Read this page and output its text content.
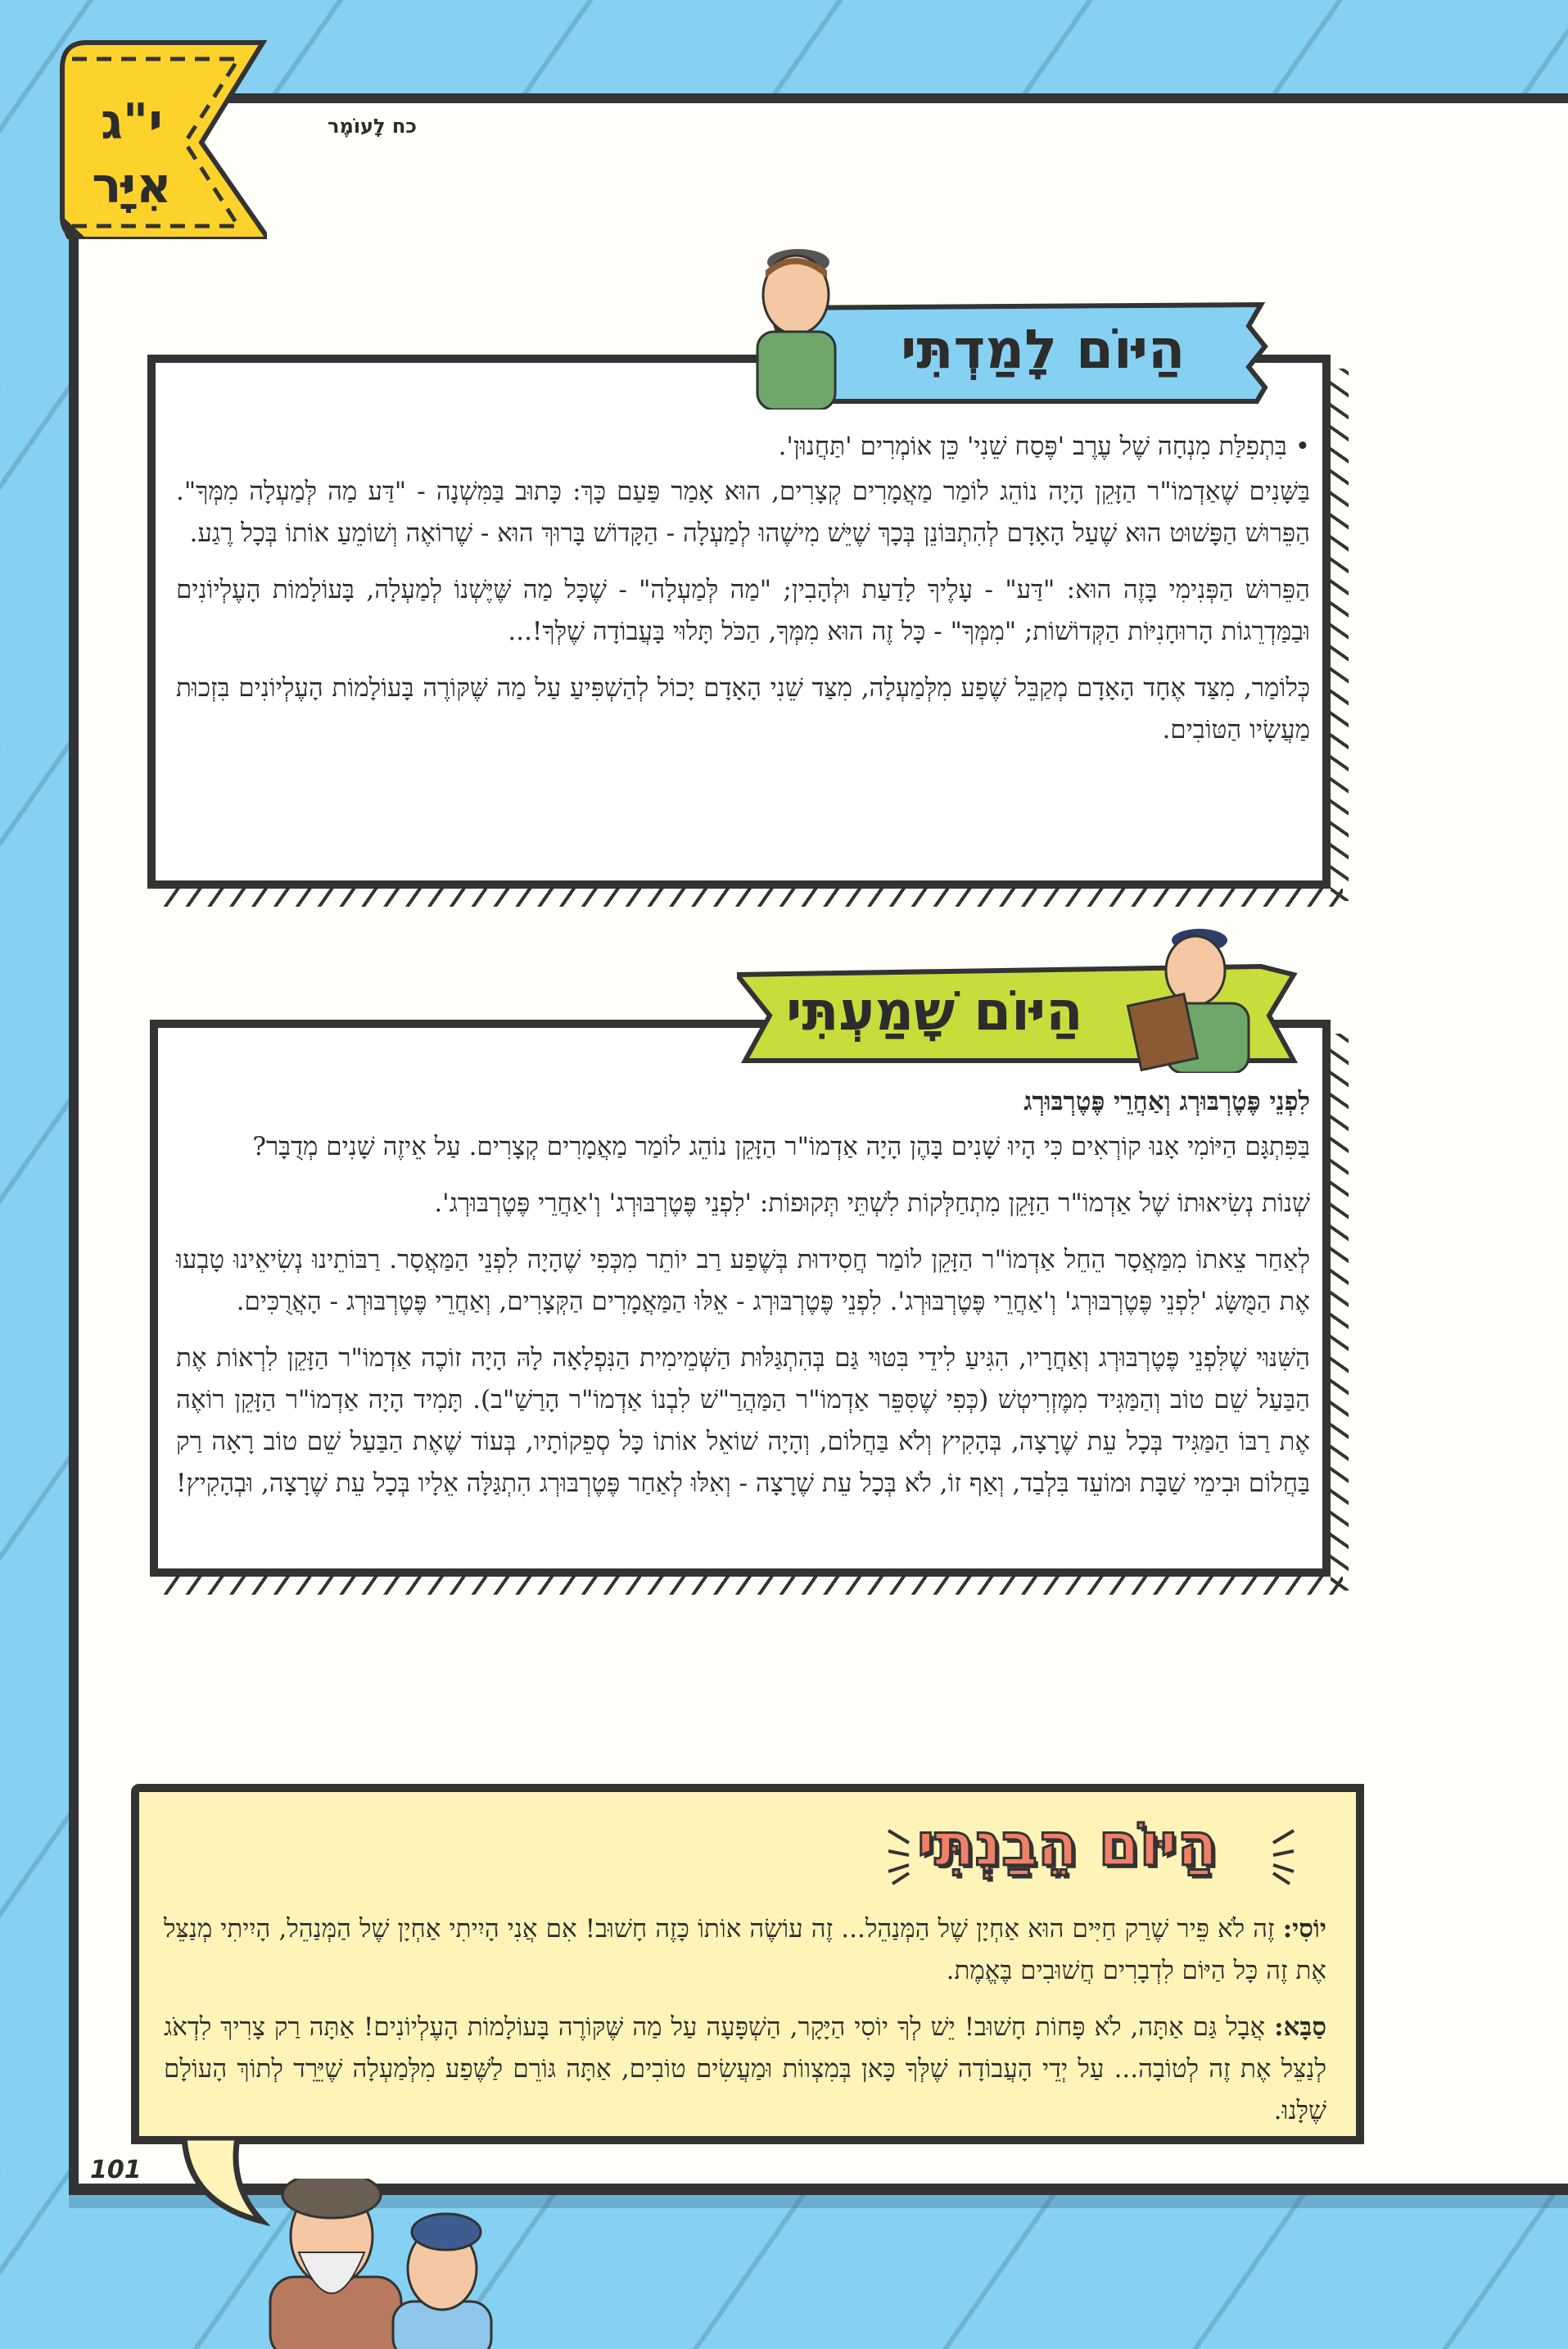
י"ג
אִיָּר
כח לָעוֹמֶר
הַיּוֹם לָמַדְתִּי

• בִּתְפִלַּת מִנְחָה שֶׁל עֶרֶב 'פֶּסַח שֵׁנִי' כֵּן אוֹמְרִים 'תַּחֲנוּן'.

בַּשָּׁנִים שֶׁאַדְמוֹ"ר הַזָּקֵן הָיָה נוֹהֵג לוֹמַר מַאֲמָרִים קְצָרִים, הוּא אָמַר פַּעַם כָּךְ: כָּתוּב בַּמִּשְׁנָה - "דַּע מַה לְּמַעְלָה מִמְּךָ". הַפֵּרוּשׁ הַפָּשׁוּט הוּא שֶׁעַל הָאָדָם לְהִתְבּוֹנֵן בְּכָךְ שֶׁיֵּשׁ מִישֶׁהוּ לְמַעְלָה - הַקָּדוֹשׁ בָּרוּךְ הוּא - שֶׁרוֹאֶה וְשׁוֹמֵעַ אוֹתוֹ בְּכָל רֶגַע.

הַפֵּרוּשׁ הַפְּנִימִי בָּזֶה הוּא: "דַּע" - עָלֶיךָ לָדַעַת וּלְהָבִין; "מַה לְּמַעְלָה" - שֶׁכָּל מַה שֶּׁיֶּשְׁנוֹ לְמַעְלָה, בָּעוֹלָמוֹת הָעֶלְיוֹנִים וּבַמַּדְרֵגוֹת הָרוּחָנִיּוֹת הַקְּדוֹשׁוֹת; "מִמְּךָ" - כָּל זֶה הוּא מִמְּךָ, הַכֹּל תָּלוּי בָּעֲבוֹדָה שֶׁלְּךָ!...

כְּלוֹמַר, מִצַּד אֶחָד הָאָדָם מְקַבֵּל שֶׁפַע מִלְּמַעְלָה, מִצַּד שֵׁנִי הָאָדָם יָכוֹל לְהַשְׁפִּיעַ עַל מַה שֶּׁקּוֹרֶה בָּעוֹלָמוֹת הָעֶלְיוֹנִים בִּזְכוּת מַעֲשָׂיו הַטּוֹבִים.

הַיּוֹם שָׁמַעְתִּי

לִפְנֵי פֶּטֶרְבּוּרְג וְאַחֲרֵי פֶּטֶרְבּוּרְג

בַּפִּתְגָּם הַיּוֹמִי אָנוּ קוֹרְאִים כִּי הָיוּ שָׁנִים בָּהֶן הָיָה אַדְמוֹ"ר הַזָּקֵן נוֹהֵג לוֹמַר מַאֲמָרִים קְצָרִים. עַל אֵיזֶה שָׁנִים מְדֻבָּר?

שְׁנוֹת נְשִׂיאוּתוֹ שֶׁל אַדְמוֹ"ר הַזָּקֵן מִתְחַלְּקוֹת לִשְׁתֵּי תְּקוּפוֹת: 'לִפְנֵי פֶּטֶרְבּוּרְג' וְ'אַחֲרֵי פֶּטֶרְבּוּרְג'.

לְאַחַר צֵאתוֹ מִמַּאֲסָר הֵחֵל אַדְמוֹ"ר הַזָּקֵן לוֹמַר חֲסִידוּת בְּשֶׁפַע רַב יוֹתֵר מִכְּפִי שֶׁהָיָה לִפְנֵי הַמַּאֲסָר. רַבּוֹתֵינוּ נְשִׂיאֵינוּ טָבְעוּ אֶת הַמֻּשָּׂג 'לִפְנֵי פֶּטֶרְבּוּרְג' וְ'אַחֲרֵי פֶּטֶרְבּוּרְג'. לִפְנֵי פֶּטֶרְבּוּרְג - אֵלּוּ הַמַּאֲמָרִים הַקְּצָרִים, וְאַחֲרֵי פֶּטֶרְבּוּרְג - הָאֲרֻכִּים.

הַשִּׁנּוּי שֶׁלִּפְנֵי פֶּטֶרְבּוּרְג וְאַחֲרָיו, הִגִּיעַ לִידֵי בִּטּוּי גַּם בְּהִתְגַּלּוּת הַשְּׁמֵימִית הַנִּפְלָאָה לָהּ הָיָה זוֹכֶה אַדְמוֹ"ר הַזָּקֵן לִרְאוֹת אֶת הַבַּעַל שֵׁם טוֹב וְהַמַּגִּיד מִמֶּזְרִיטְשׁ (כְּפִי שֶׁסִּפֵּר אַדְמוֹ"ר הַמַּהֲרַ"שׁ לִבְנוֹ אַדְמוֹ"ר הָרַשַׁ"ב). תָּמִיד הָיָה אַדְמוֹ"ר הַזָּקֵן רוֹאֶה אֶת רַבּוֹ הַמַּגִּיד בְּכָל עֵת שֶׁרָצָה, בְּהָקִיץ וְלֹא בַּחֲלוֹם, וְהָיָה שׁוֹאֵל אוֹתוֹ כָּל סְפֵקוֹתָיו, בְּעוֹד שֶׁאֶת הַבַּעַל שֵׁם טוֹב רָאָה רַק בַּחֲלוֹם וּבִימֵי שַׁבָּת וּמוֹעֵד בִּלְבַד, וְאַף זוֹ, לֹא בְּכָל עֵת שֶׁרָצָה - וְאִלּוּ לְאַחַר פֶּטֶרְבּוּרְג הִתְגַּלָּה אֵלָיו בְּכָל עֵת שֶׁרָצָה, וּבְהָקִיץ!

הַיּוֹם הֵבַנְתִּי

יוֹסִי: זֶה לֹא פֵּיר שֶׁרַק חַיִּים הוּא אַחְיָן שֶׁל הַמְּנַהֵל... זֶה עוֹשֶׂה אוֹתוֹ כָּזֶה חָשׁוּב! אִם אֲנִי הָיִיתִי אַחְיָן שֶׁל הַמְּנַהֵל, הָיִיתִי מְנַצֵּל אֶת זֶה כָּל הַיּוֹם לִדְבָרִים חֲשׁוּבִים בֶּאֱמֶת.

סַבָּא: אֲבָל גַּם אַתָּה, לֹא פָּחוֹת חָשׁוּב! יֵשׁ לְךָ יוֹסִי הַיָּקָר, הַשְׁפָּעָה עַל מַה שֶּׁקּוֹרֶה בָּעוֹלָמוֹת הָעֶלְיוֹנִים! אַתָּה רַק צָרִיךְ לִדְאֹג לְנַצֵּל אֶת זֶה לְטוֹבָה... עַל יְדֵי הָעֲבוֹדָה שֶׁלְּךָ כָּאן בְּמִצְווֹת וּמַעֲשִׂים טוֹבִים, אַתָּה גּוֹרֵם לַשֶּׁפַע מִלְּמַעְלָה שֶׁיֵּרֵד לְתוֹךְ הָעוֹלָם שֶׁלָּנוּ.

101
